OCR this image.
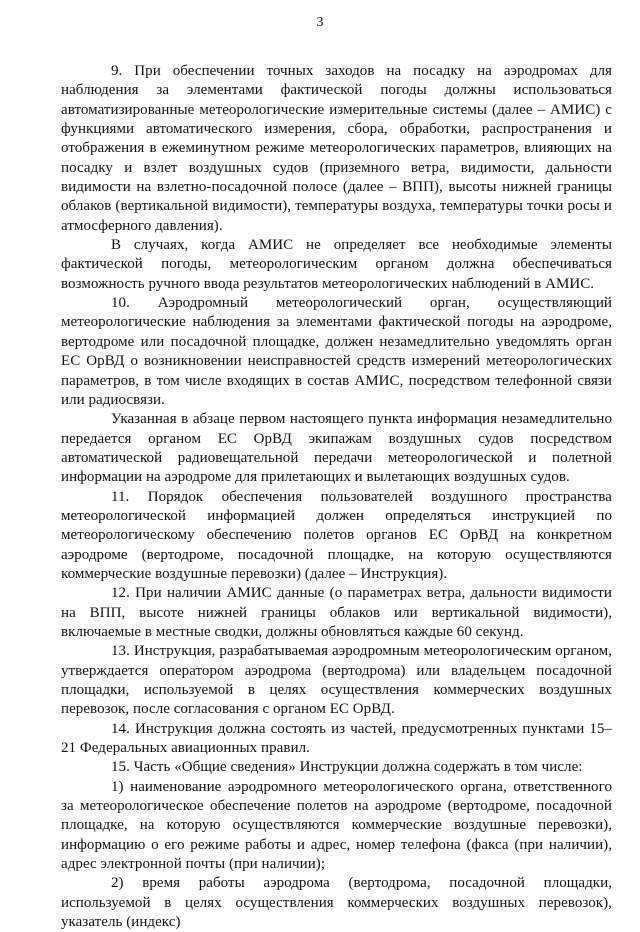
3

9. При обеспечении точных заходов на посадку на аэродромах для наблюдения за элементами фактической погоды должны использоваться автоматизированные метеорологические измерительные системы (далее – АМИС) с функциями автоматического измерения, сбора, обработки, распространения и отображения в ежеминутном режиме метеорологических параметров, влияющих на посадку и взлет воздушных судов (приземного ветра, видимости, дальности видимости на взлетно-посадочной полосе (далее – ВПП), высоты нижней границы облаков (вертикальной видимости), температуры воздуха, температуры точки росы и атмосферного давления).

В случаях, когда АМИС не определяет все необходимые элементы фактической погоды, метеорологическим органом должна обеспечиваться возможность ручного ввода результатов метеорологических наблюдений в АМИС.

10. Аэродромный метеорологический орган, осуществляющий метеорологические наблюдения за элементами фактической погоды на аэродроме, вертодроме или посадочной площадке, должен незамедлительно уведомлять орган ЕС ОрВД о возникновении неисправностей средств измерений метеорологических параметров, в том числе входящих в состав АМИС, посредством телефонной связи или радиосвязи.

Указанная в абзаце первом настоящего пункта информация незамедлительно передается органом ЕС ОрВД экипажам воздушных судов посредством автоматической радиовещательной передачи метеорологической и полетной информации на аэродроме для прилетающих и вылетающих воздушных судов.

11. Порядок обеспечения пользователей воздушного пространства метеорологической информацией должен определяться инструкцией по метеорологическому обеспечению полетов органов ЕС ОрВД на конкретном аэродроме (вертодроме, посадочной площадке, на которую осуществляются коммерческие воздушные перевозки) (далее – Инструкция).

12. При наличии АМИС данные (о параметрах ветра, дальности видимости на ВПП, высоте нижней границы облаков или вертикальной видимости), включаемые в местные сводки, должны обновляться каждые 60 секунд.

13. Инструкция, разрабатываемая аэродромным метеорологическим органом, утверждается оператором аэродрома (вертодрома) или владельцем посадочной площадки, используемой в целях осуществления коммерческих воздушных перевозок, после согласования с органом ЕС ОрВД.

14. Инструкция должна состоять из частей, предусмотренных пунктами 15–21 Федеральных авиационных правил.

15. Часть «Общие сведения» Инструкции должна содержать в том числе:

1) наименование аэродромного метеорологического органа, ответственного за метеорологическое обеспечение полетов на аэродроме (вертодроме, посадочной площадке, на которую осуществляются коммерческие воздушные перевозки), информацию о его режиме работы и адрес, номер телефона (факса (при наличии), адрес электронной почты (при наличии);

2) время работы аэродрома (вертодрома, посадочной площадки, используемой в целях осуществления коммерческих воздушных перевозок), указатель (индекс)
